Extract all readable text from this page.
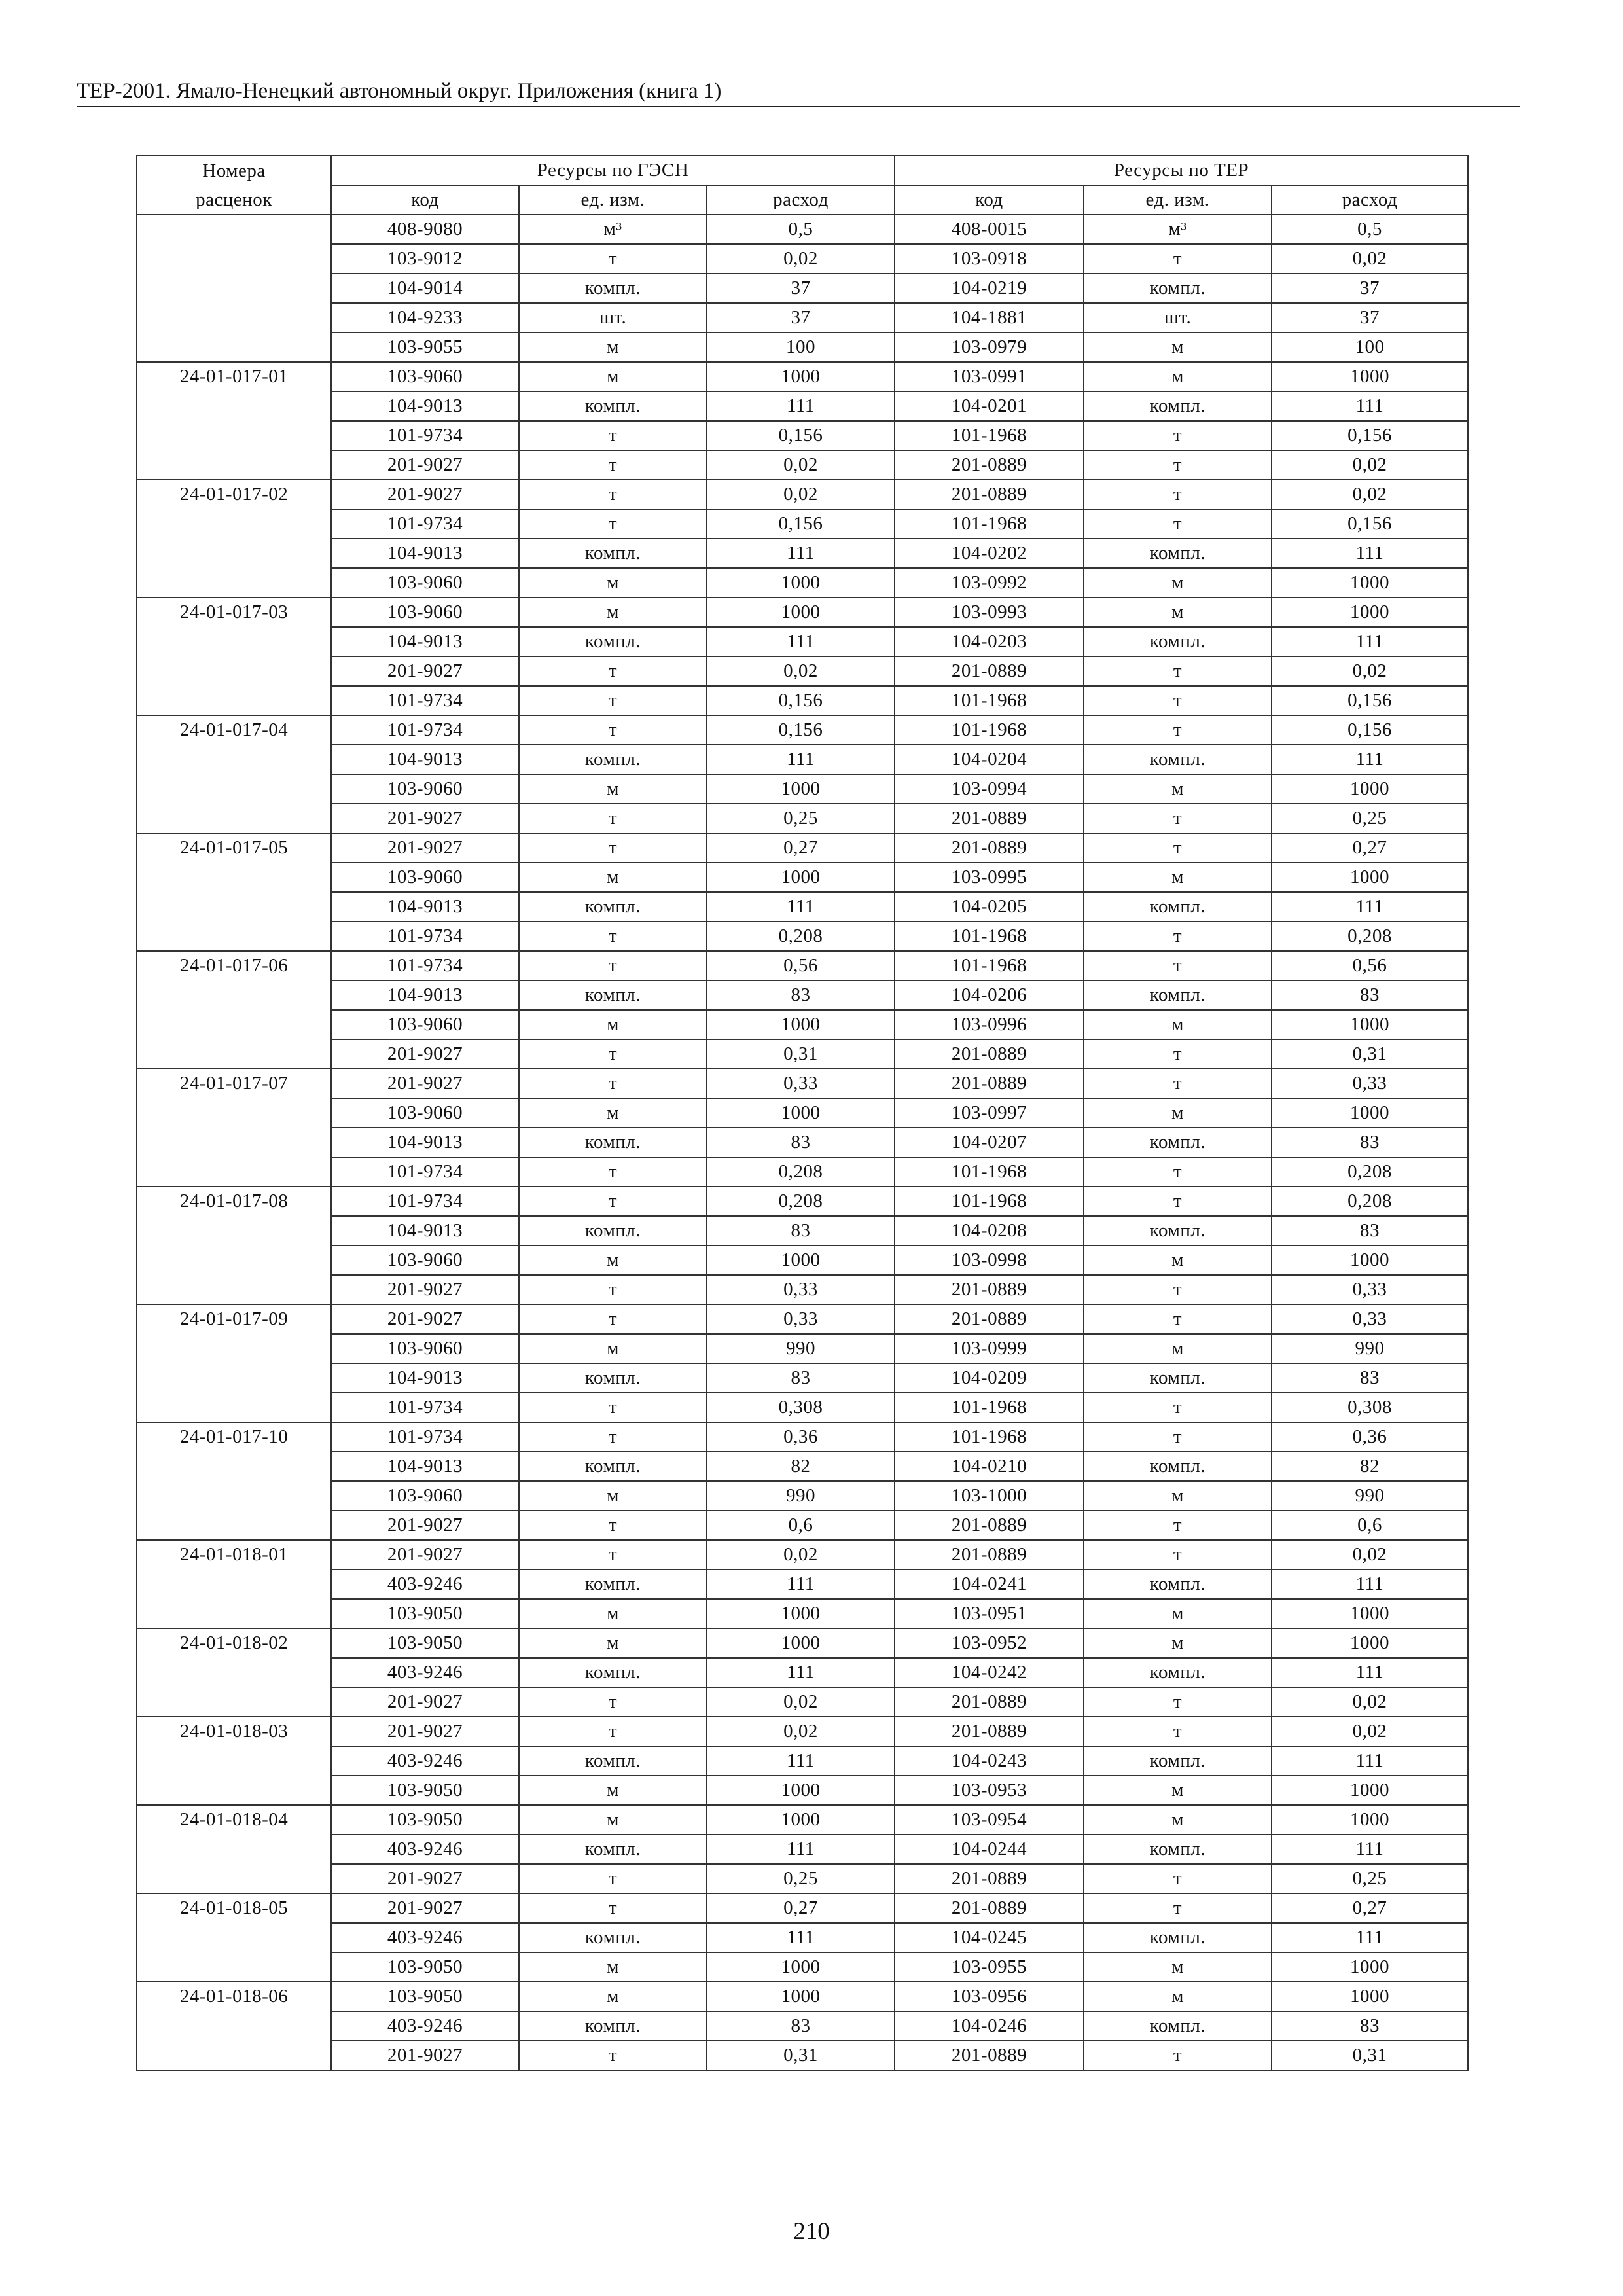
ТЕР-2001. Ямало-Ненецкий автономный округ. Приложения (книга 1)
Номера
расценок	Ресурсы по ГЭСН			Ресурсы по ТЕР		
	код	ед. изм.	расход	код	ед. изм.	расход
	408-9080	м³	0,5	408-0015	м³	0,5
	103-9012	т	0,02	103-0918	т	0,02
	104-9014	компл.	37	104-0219	компл.	37
	104-9233	шт.	37	104-1881	шт.	37
	103-9055	м	100	103-0979	м	100
24-01-017-01	103-9060	м	1000	103-0991	м	1000
	104-9013	компл.	111	104-0201	компл.	111
	101-9734	т	0,156	101-1968	т	0,156
	201-9027	т	0,02	201-0889	т	0,02
24-01-017-02	201-9027	т	0,02	201-0889	т	0,02
	101-9734	т	0,156	101-1968	т	0,156
	104-9013	компл.	111	104-0202	компл.	111
	103-9060	м	1000	103-0992	м	1000
24-01-017-03	103-9060	м	1000	103-0993	м	1000
	104-9013	компл.	111	104-0203	компл.	111
	201-9027	т	0,02	201-0889	т	0,02
	101-9734	т	0,156	101-1968	т	0,156
24-01-017-04	101-9734	т	0,156	101-1968	т	0,156
	104-9013	компл.	111	104-0204	компл.	111
	103-9060	м	1000	103-0994	м	1000
	201-9027	т	0,25	201-0889	т	0,25
24-01-017-05	201-9027	т	0,27	201-0889	т	0,27
	103-9060	м	1000	103-0995	м	1000
	104-9013	компл.	111	104-0205	компл.	111
	101-9734	т	0,208	101-1968	т	0,208
24-01-017-06	101-9734	т	0,56	101-1968	т	0,56
	104-9013	компл.	83	104-0206	компл.	83
	103-9060	м	1000	103-0996	м	1000
	201-9027	т	0,31	201-0889	т	0,31
24-01-017-07	201-9027	т	0,33	201-0889	т	0,33
	103-9060	м	1000	103-0997	м	1000
	104-9013	компл.	83	104-0207	компл.	83
	101-9734	т	0,208	101-1968	т	0,208
24-01-017-08	101-9734	т	0,208	101-1968	т	0,208
	104-9013	компл.	83	104-0208	компл.	83
	103-9060	м	1000	103-0998	м	1000
	201-9027	т	0,33	201-0889	т	0,33
24-01-017-09	201-9027	т	0,33	201-0889	т	0,33
	103-9060	м	990	103-0999	м	990
	104-9013	компл.	83	104-0209	компл.	83
	101-9734	т	0,308	101-1968	т	0,308
24-01-017-10	101-9734	т	0,36	101-1968	т	0,36
	104-9013	компл.	82	104-0210	компл.	82
	103-9060	м	990	103-1000	м	990
	201-9027	т	0,6	201-0889	т	0,6
24-01-018-01	201-9027	т	0,02	201-0889	т	0,02
	403-9246	компл.	111	104-0241	компл.	111
	103-9050	м	1000	103-0951	м	1000
24-01-018-02	103-9050	м	1000	103-0952	м	1000
	403-9246	компл.	111	104-0242	компл.	111
	201-9027	т	0,02	201-0889	т	0,02
24-01-018-03	201-9027	т	0,02	201-0889	т	0,02
	403-9246	компл.	111	104-0243	компл.	111
	103-9050	м	1000	103-0953	м	1000
24-01-018-04	103-9050	м	1000	103-0954	м	1000
	403-9246	компл.	111	104-0244	компл.	111
	201-9027	т	0,25	201-0889	т	0,25
24-01-018-05	201-9027	т	0,27	201-0889	т	0,27
	403-9246	компл.	111	104-0245	компл.	111
	103-9050	м	1000	103-0955	м	1000
24-01-018-06	103-9050	м	1000	103-0956	м	1000
	403-9246	компл.	83	104-0246	компл.	83
	201-9027	т	0,31	201-0889	т	0,31
210
